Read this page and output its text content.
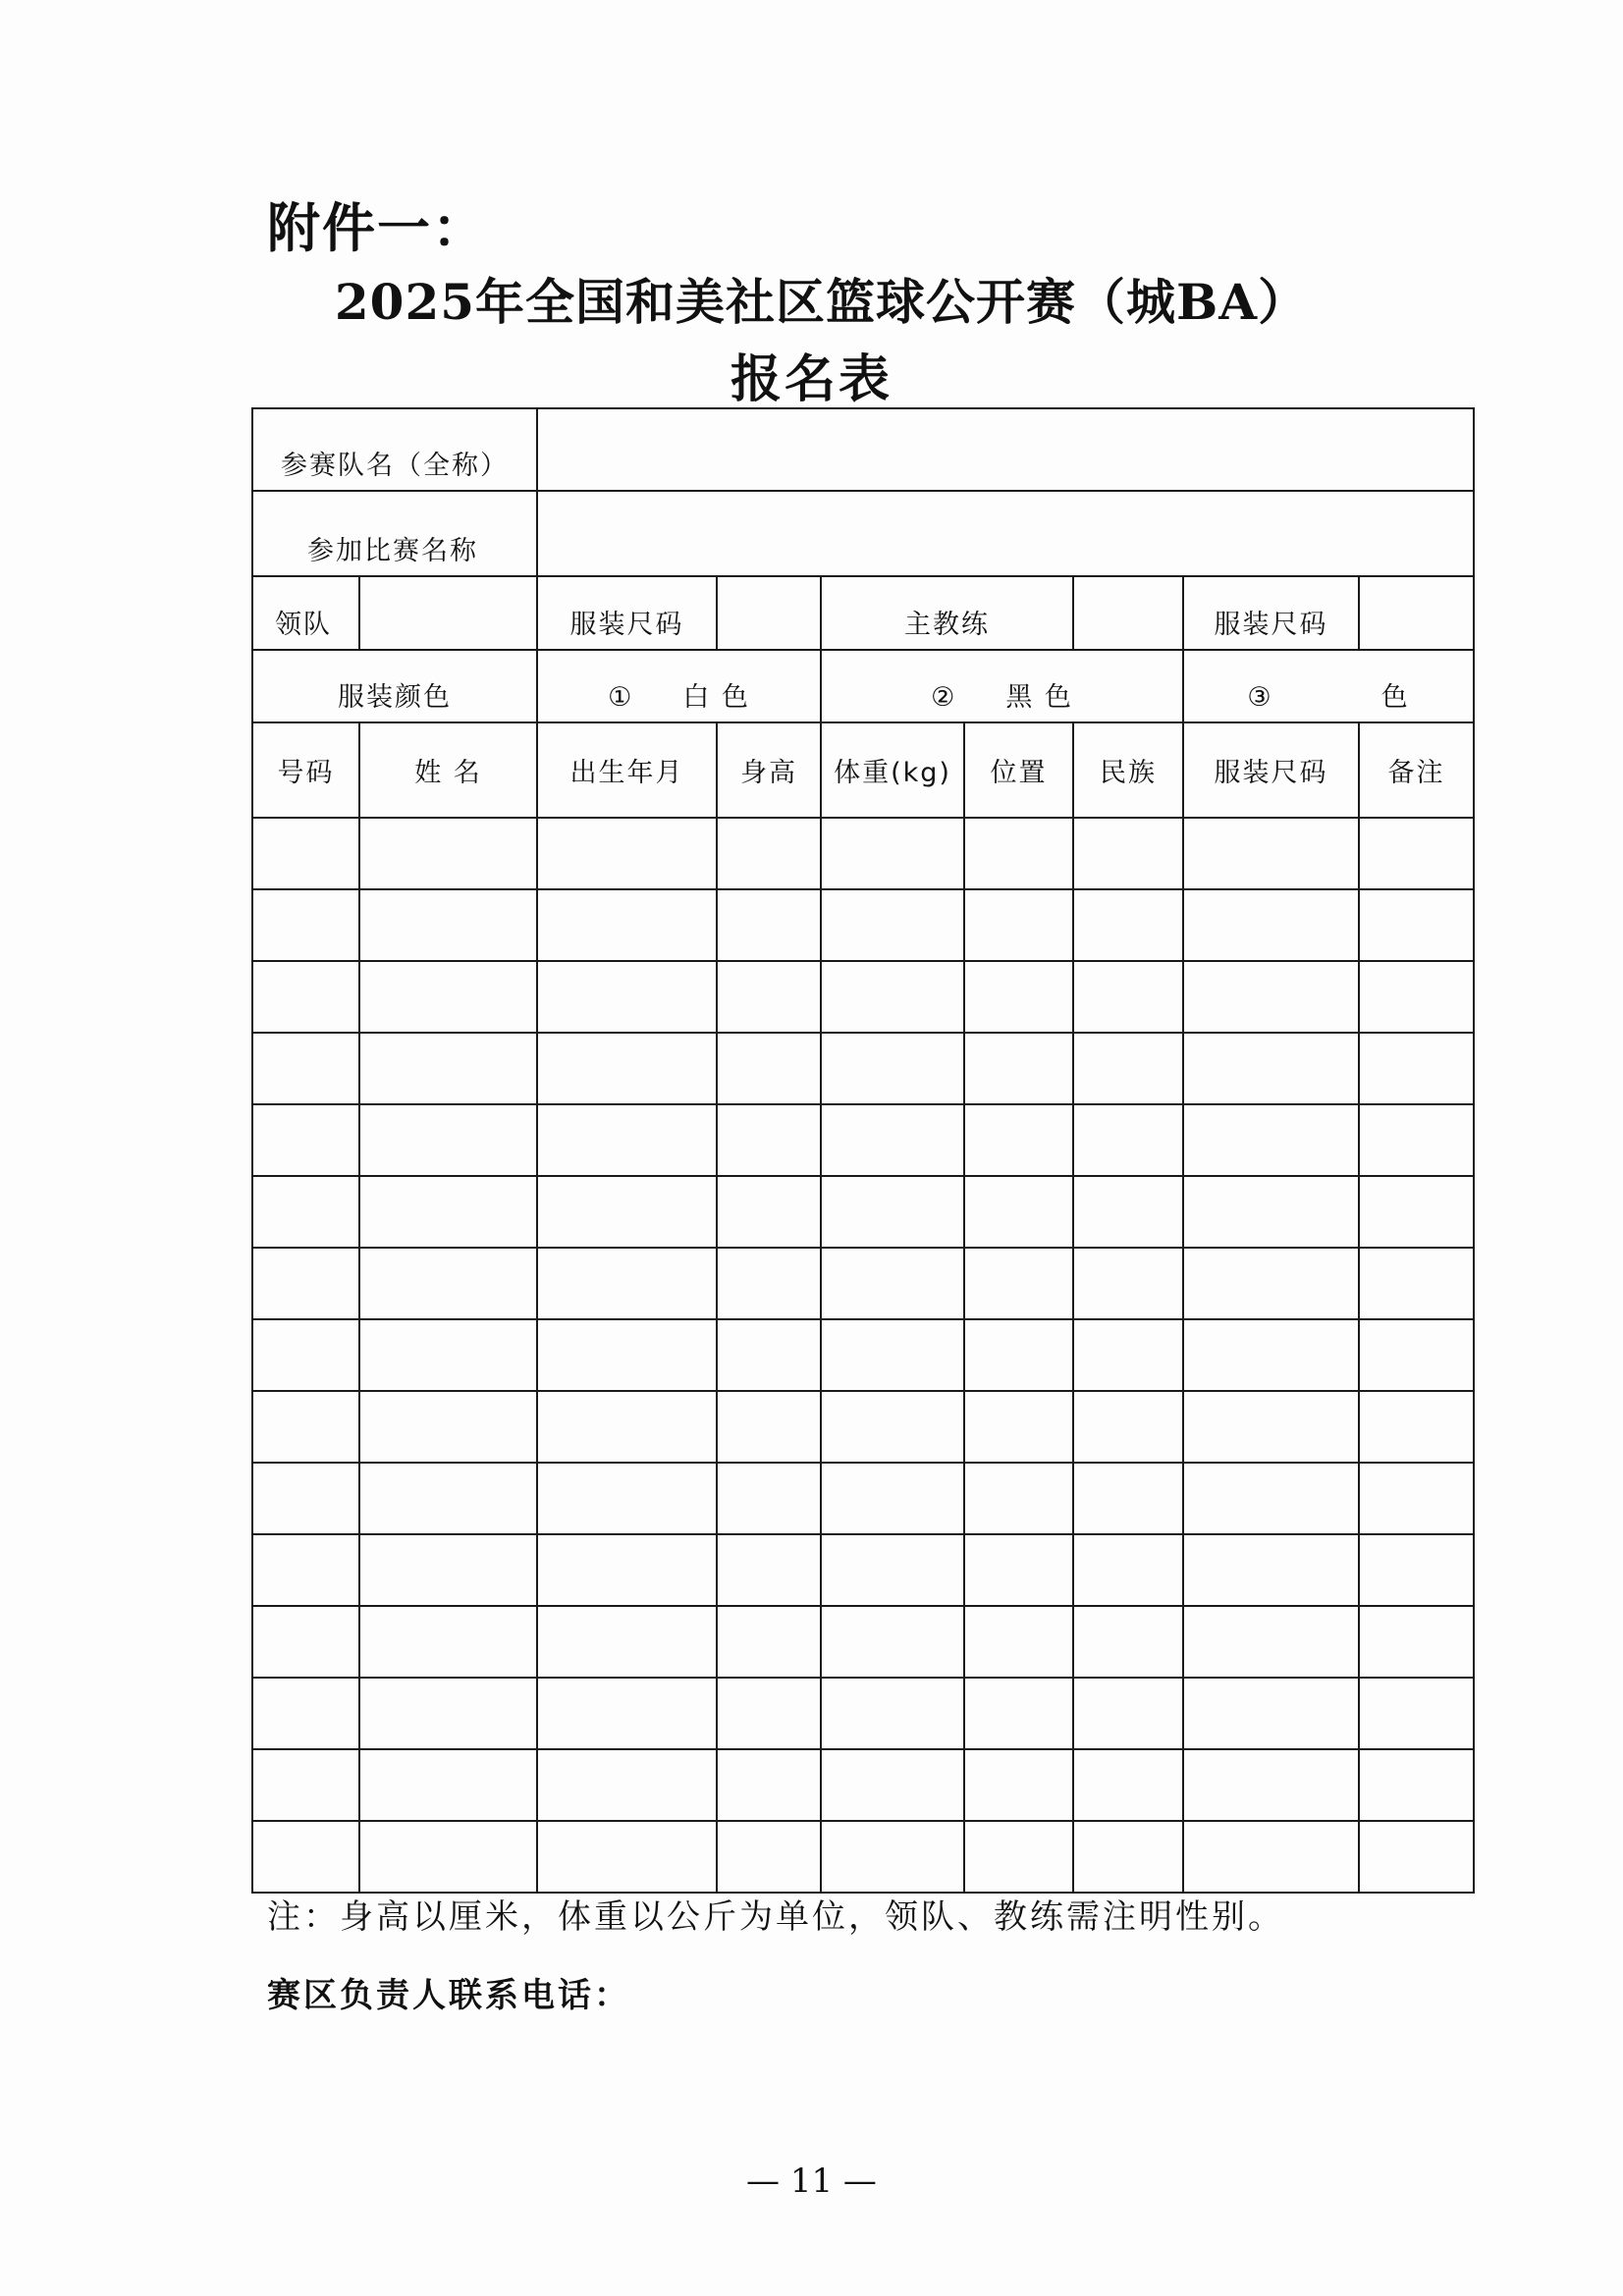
附件一：
2025年全国和美社区篮球公开赛（城BA）
报名表
参赛队名（全称）								

参加比赛名称								

领队		服装尺码		主教练			服装尺码	

服装颜色		① 白 色		② 黑 色			③ 色	

号码	姓 名	出生年月	身高	体重(kg)	位置	民族	服装尺码	备注

注：身高以厘米，体重以公斤为单位，领队、教练需注明性别。
赛区负责人联系电话：
— 11 —
